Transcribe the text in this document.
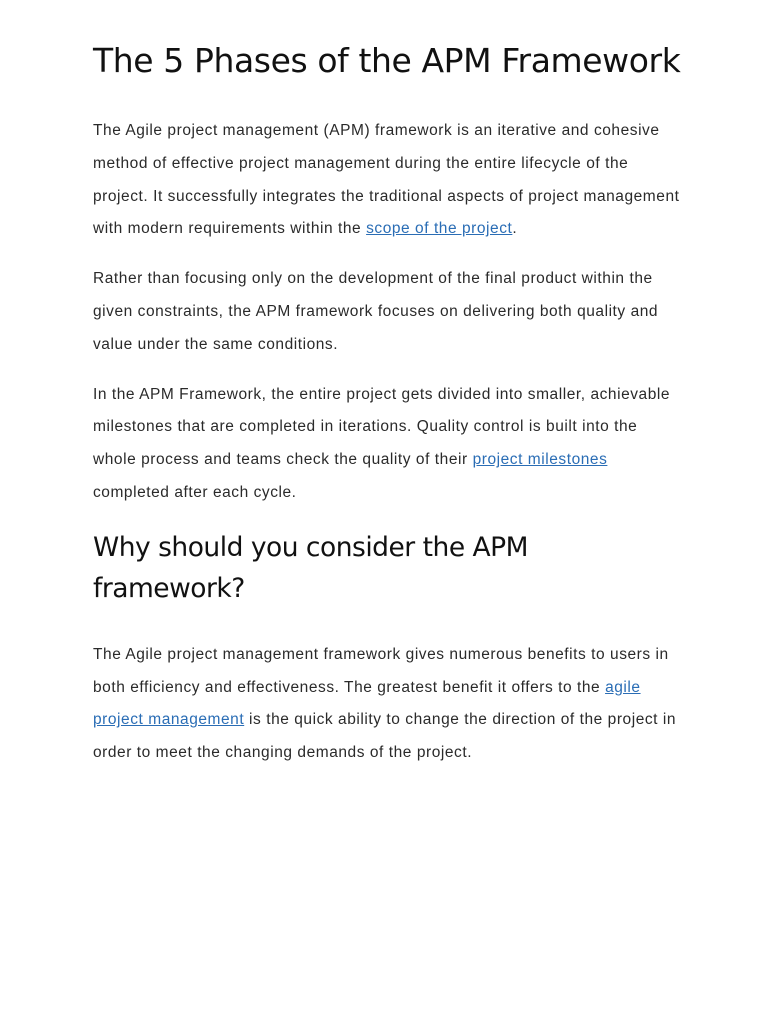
The 5 Phases of the APM Framework

The Agile project management (APM) framework is an iterative and cohesive method of effective project management during the entire lifecycle of the project. It successfully integrates the traditional aspects of project management with modern requirements within the scope of the project.

Rather than focusing only on the development of the final product within the given constraints, the APM framework focuses on delivering both quality and value under the same conditions.

In the APM Framework, the entire project gets divided into smaller, achievable milestones that are completed in iterations. Quality control is built into the whole process and teams check the quality of their project milestones completed after each cycle.

Why should you consider the APM framework?

The Agile project management framework gives numerous benefits to users in both efficiency and effectiveness. The greatest benefit it offers to the agile project management is the quick ability to change the direction of the project in order to meet the changing demands of the project.
